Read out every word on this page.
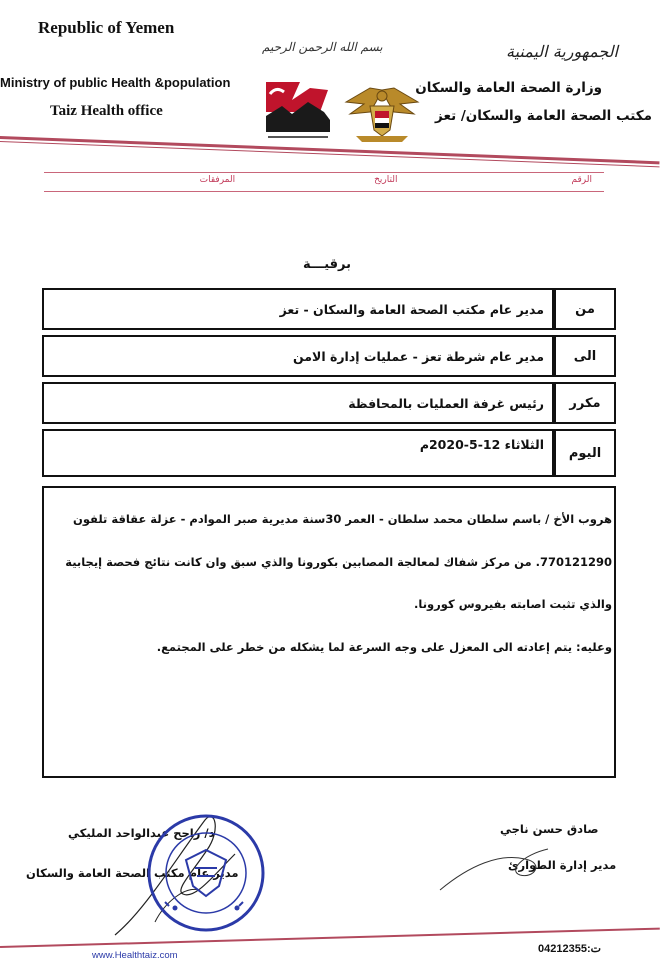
Republic of Yemen
Ministry of public Health &population
Taiz Health office
بسم الله الرحمن الرحيم	الجمهورية اليمنية
وزارة الصحة العامة والسكان
مكتب الصحة العامة والسكان/ تعز
الرقم
التاريخ
المرفقات
برقيـــة
من	مدير عام مكتب الصحة العامة والسكان - تعز
الى	مدير عام شرطة تعز - عمليات إدارة الامن
مكرر	رئيس غرفة العمليات بالمحافظة
اليوم	الثلاثاء 12-5-2020م
هروب الأخ / باسم سلطان محمد سلطان - العمر 30سنة مديرية صبر الموادم - عزلة عقاقة تلفون
770121290. من مركز شفاك لمعالجة المصابين بكورونا والذي سبق وان كانت نتائج فحصة إيجابية
والذي تثبت اصابته بفيروس كورونا.
وعليه: يتم إعادته الى المعزل على وجه السرعة لما يشكله من خطر على المجتمع.
د/ راجح عبدالواحد المليكي
مدير عام مكتب الصحة العامة والسكان
صادق حسن ناجي
مدير إدارة الطوارئ
www.Healthtaiz.com
ت:04212355
